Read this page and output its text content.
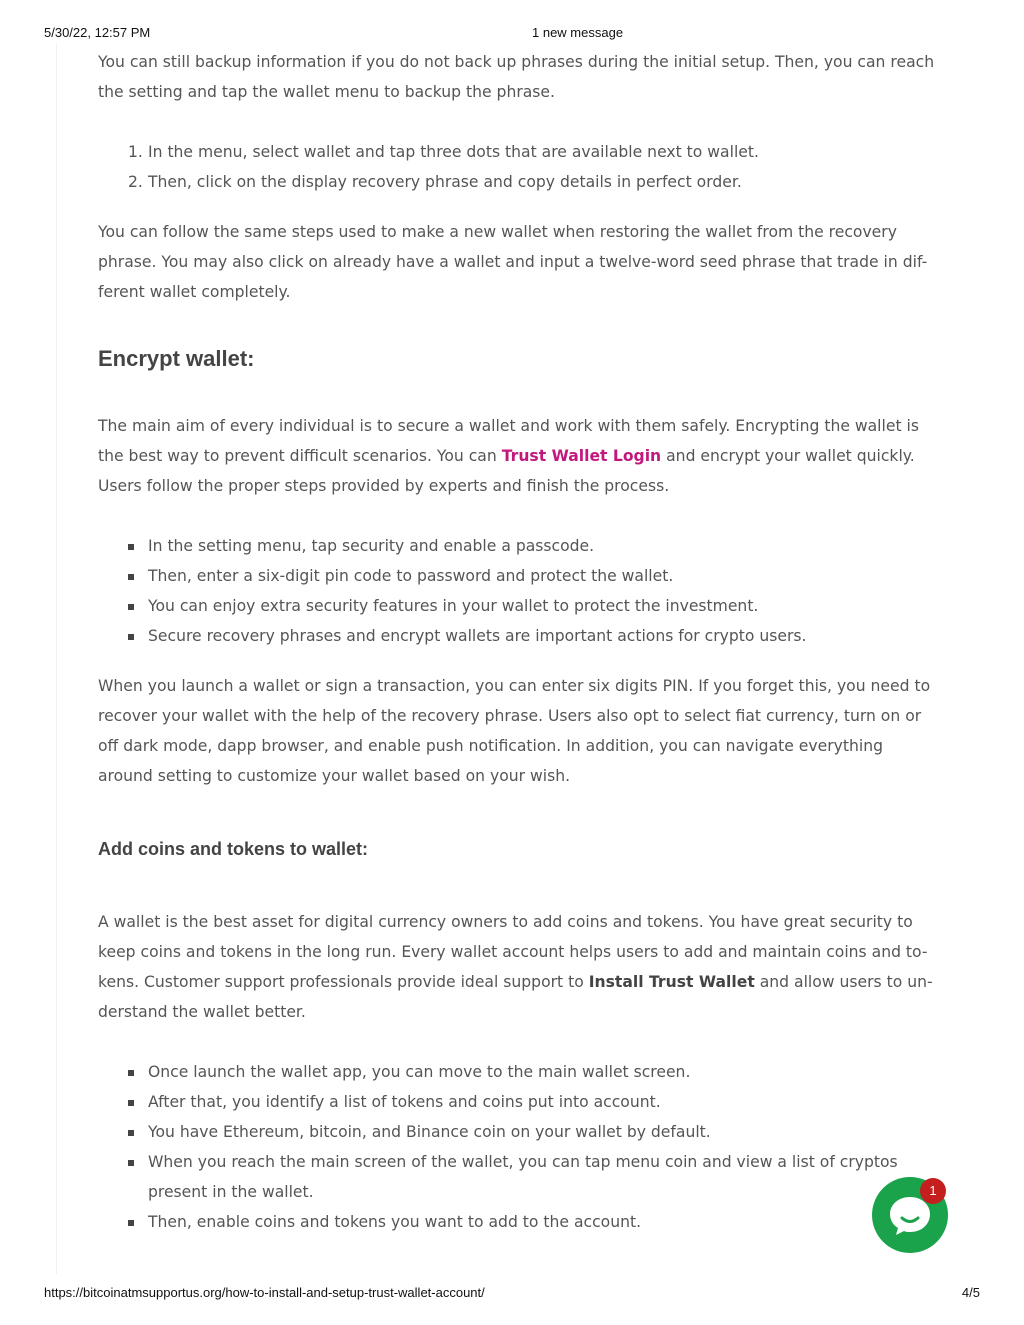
5/30/22, 12:57 PM	1 new message

You can still backup information if you do not back up phrases during the initial setup. Then, you can reach
the setting and tap the wallet menu to backup the phrase.

1. In the menu, select wallet and tap three dots that are available next to wallet.
2. Then, click on the display recovery phrase and copy details in perfect order.

You can follow the same steps used to make a new wallet when restoring the wallet from the recovery
phrase. You may also click on already have a wallet and input a twelve-word seed phrase that trade in dif-
ferent wallet completely.

Encrypt wallet:

The main aim of every individual is to secure a wallet and work with them safely. Encrypting the wallet is
the best way to prevent difficult scenarios. You can Trust Wallet Login and encrypt your wallet quickly.
Users follow the proper steps provided by experts and finish the process.

In the setting menu, tap security and enable a passcode.
Then, enter a six-digit pin code to password and protect the wallet.
You can enjoy extra security features in your wallet to protect the investment.
Secure recovery phrases and encrypt wallets are important actions for crypto users.

When you launch a wallet or sign a transaction, you can enter six digits PIN. If you forget this, you need to
recover your wallet with the help of the recovery phrase. Users also opt to select fiat currency, turn on or
off dark mode, dapp browser, and enable push notification. In addition, you can navigate everything
around setting to customize your wallet based on your wish.

Add coins and tokens to wallet:

A wallet is the best asset for digital currency owners to add coins and tokens. You have great security to
keep coins and tokens in the long run. Every wallet account helps users to add and maintain coins and to-
kens. Customer support professionals provide ideal support to Install Trust Wallet and allow users to un-
derstand the wallet better.

Once launch the wallet app, you can move to the main wallet screen.
After that, you identify a list of tokens and coins put into account.
You have Ethereum, bitcoin, and Binance coin on your wallet by default.
When you reach the main screen of the wallet, you can tap menu coin and view a list of cryptos
present in the wallet.
Then, enable coins and tokens you want to add to the account.
1
https://bitcoinatmsupportus.org/how-to-install-and-setup-trust-wallet-account/	4/5
